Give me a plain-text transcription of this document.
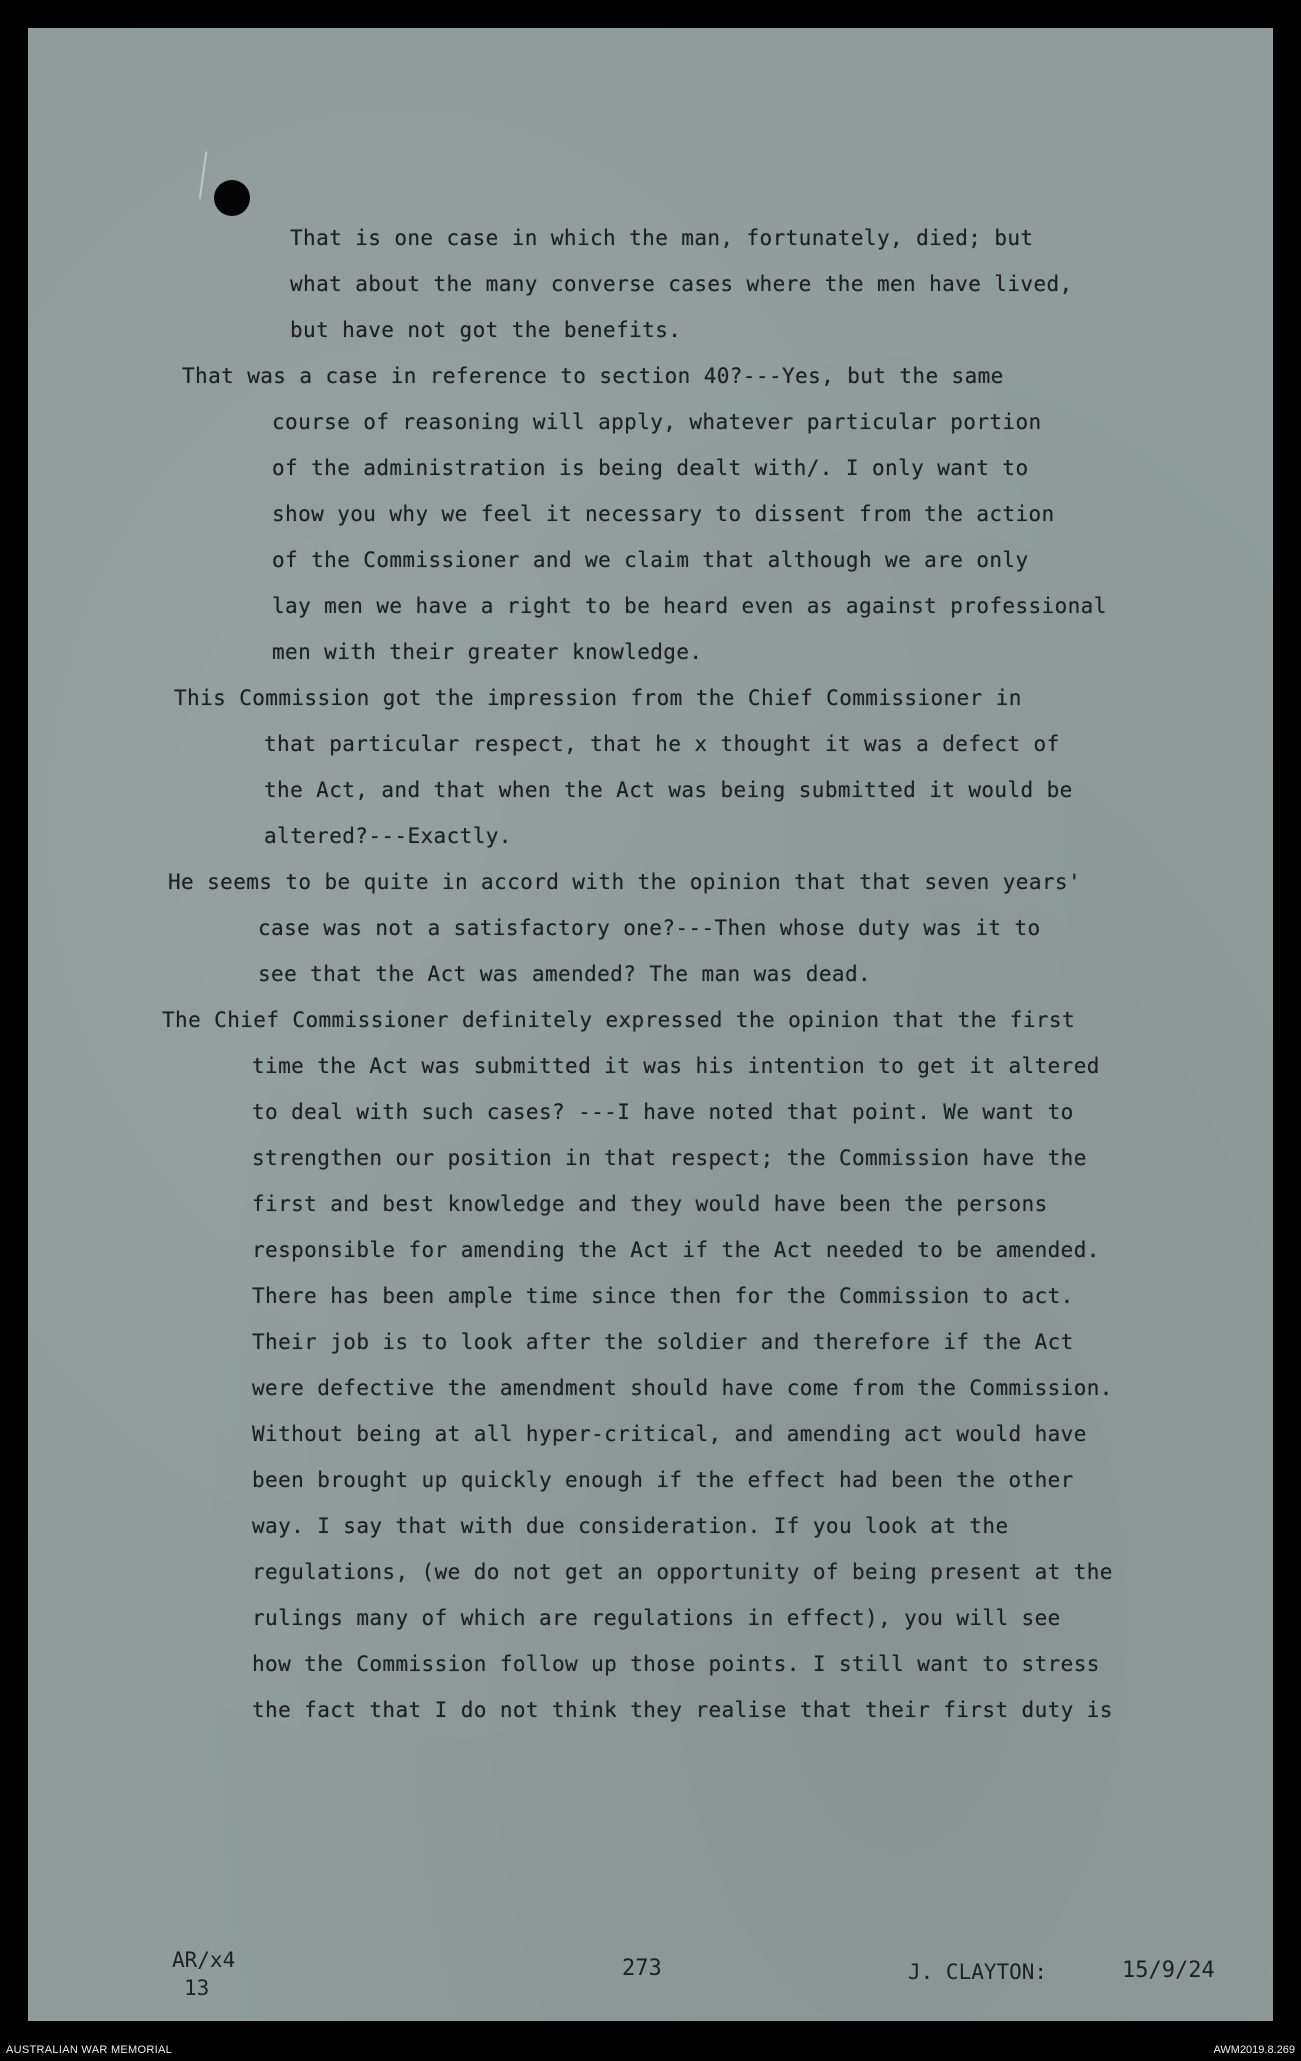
That is one case in which the man, fortunately, died; but

what about the many converse cases where the men have lived,

but have not got the benefits.

That was a case in reference to section 40?---Yes, but the same

course of reasoning will apply, whatever particular portion

of the administration is being dealt with/. I only want to

show you why we feel it necessary to dissent from the action

of the Commissioner and we claim that although we are only

lay men we have a right to be heard even as against professional

men with their greater knowledge.

This Commission got the impression from the Chief Commissioner in

that particular respect, that he x thought it was a defect of

the Act, and that when the Act was being submitted it would be

altered?---Exactly.

He seems to be quite in accord with the opinion that that seven years'

case was not a satisfactory one?---Then whose duty was it to

see that the Act was amended? The man was dead.

The Chief Commissioner definitely expressed the opinion that the first

time the Act was submitted it was his intention to get it altered

to deal with such cases? ---I have noted that point. We want to

strengthen our position in that respect; the Commission have the

first and best knowledge and they would have been the persons

responsible for amending the Act if the Act needed to be amended.

There has been ample time since then for the Commission to act.

Their job is to look after the soldier and therefore if the Act

were defective the amendment should have come from the Commission.

Without being at all hyper-critical, and amending act would have

been brought up quickly enough if the effect had been the other

way. I say that with due consideration. If you look at the

regulations, (we do not get an opportunity of being present at the

rulings many of which are regulations in effect), you will see

how the Commission follow up those points. I still want to stress

the fact that I do not think they realise that their first duty is

AR/x4
13
273	J. CLAYTON:	15/9/24
AUSTRALIAN WAR MEMORIAL	AWM2019.8.269
